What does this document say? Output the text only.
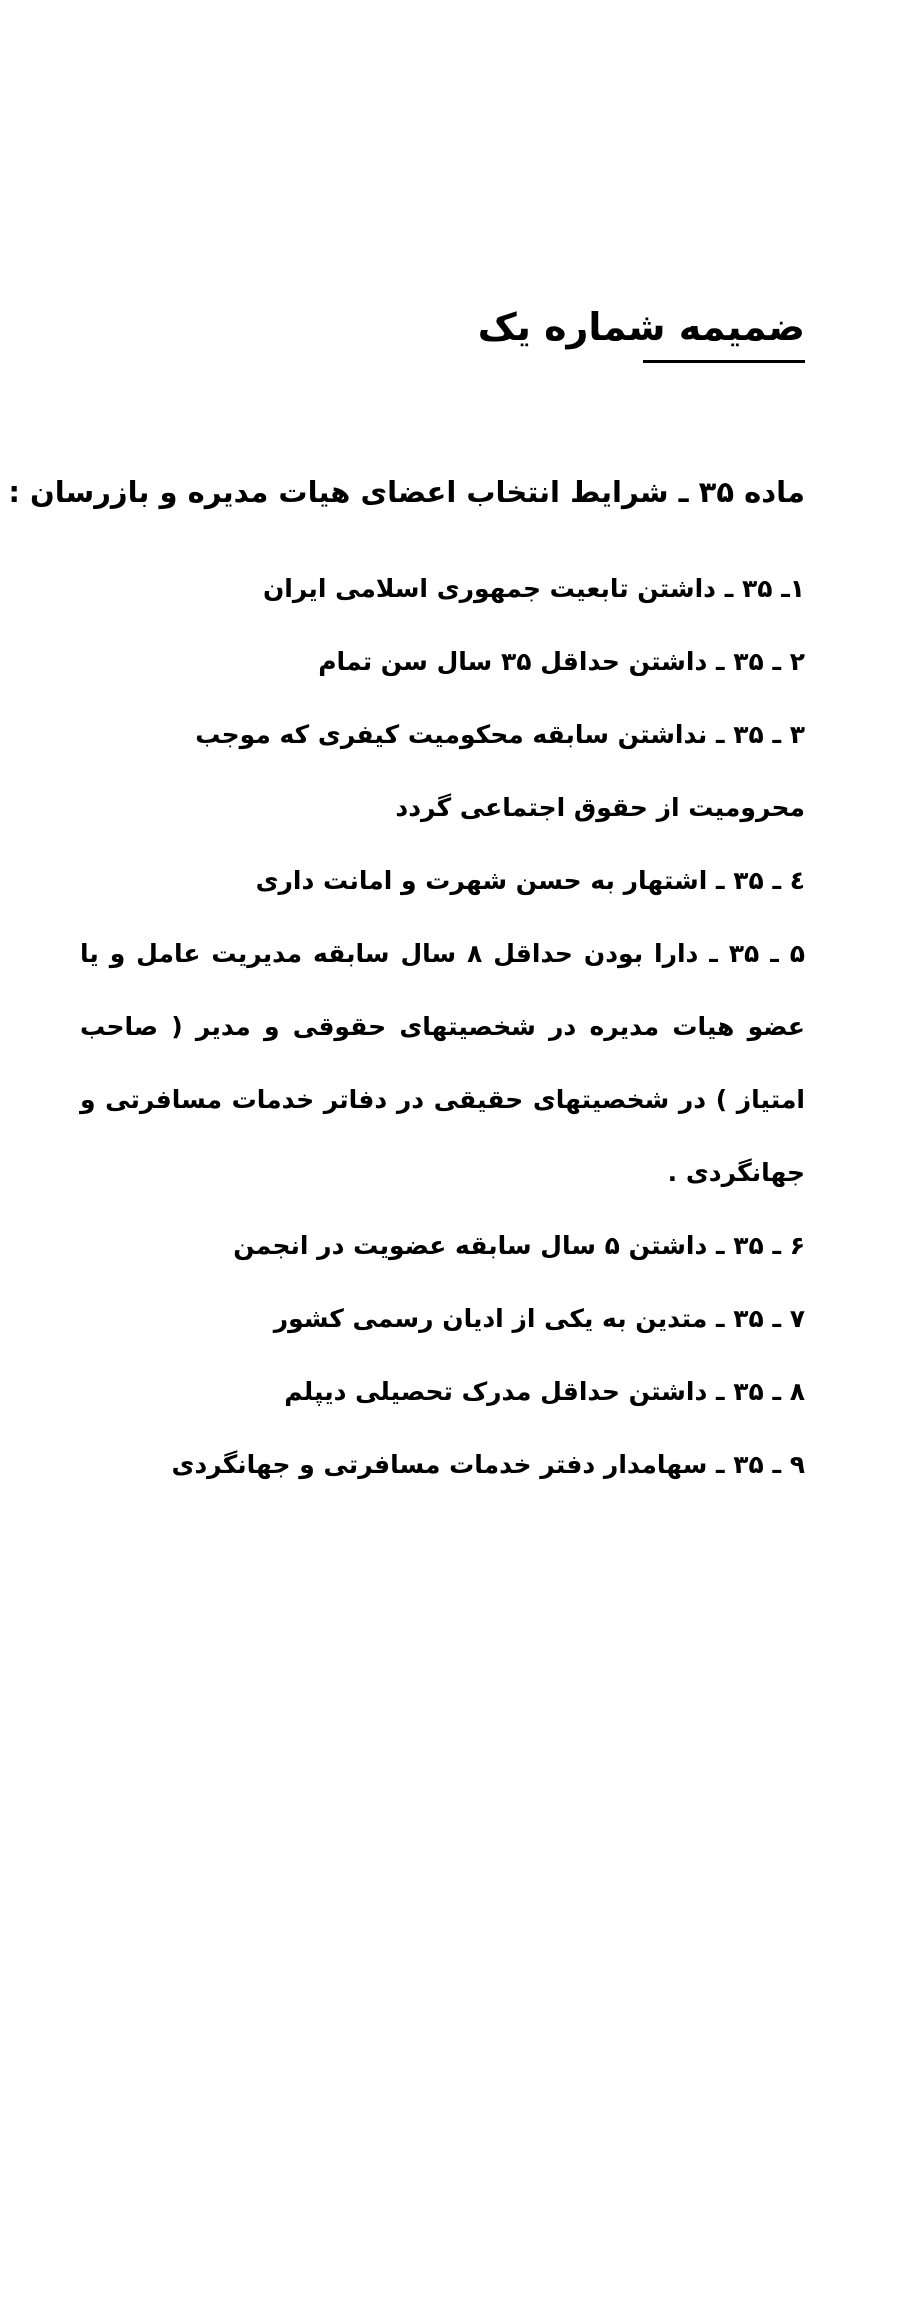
ضمیمه شماره یک
ماده ۳۵ ـ شرایط انتخاب اعضای هیات مدیره و بازرسان :
۱ـ ۳۵ ـ داشتن تابعیت جمهوری اسلامی ایران
۲ ـ ۳۵ ـ داشتن حداقل ۳۵ سال سن تمام
۳ ـ ۳۵ ـ نداشتن سابقه محکومیت کیفری که موجب محرومیت از حقوق اجتماعی گردد
٤ ـ ۳۵ ـ اشتهار به حسن شهرت و امانت داری
۵ ـ ۳۵ ـ دارا بودن حداقل ۸ سال سابقه مدیریت عامل و یا عضو هیات مدیره در شخصیتهای حقوقی و مدیر ( صاحب امتیاز ) در شخصیتهای حقیقی در دفاتر خدمات مسافرتی و جهانگردی .
۶ ـ ۳۵ ـ داشتن ۵ سال سابقه عضویت در انجمن
۷ ـ ۳۵ ـ متدین به یکی از ادیان رسمی کشور
۸ ـ ۳۵ ـ داشتن حداقل مدرک تحصیلی دیپلم
۹ ـ ۳۵ ـ سهامدار دفتر خدمات مسافرتی و جهانگردی
